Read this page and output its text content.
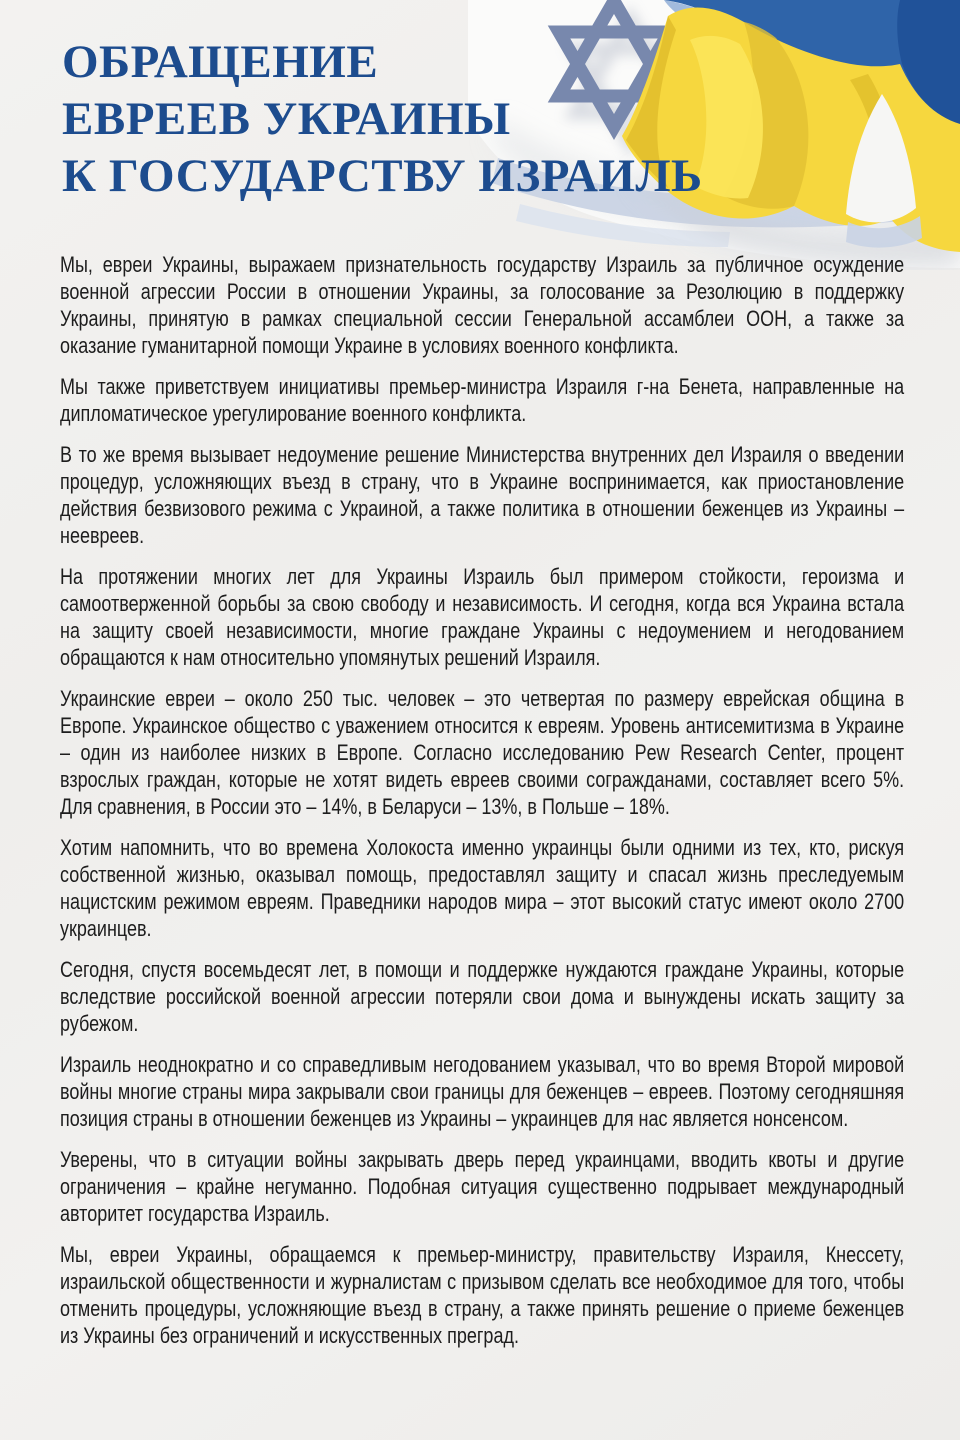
ОБРАЩЕНИЕ
ЕВРЕЕВ УКРАИНЫ
К ГОСУДАРСТВУ ИЗРАИЛЬ

Мы, евреи Украины, выражаем признательность государству Израиль за публичное осуждение военной агрессии России в отношении Украины, за голосование за Резолюцию в поддержку Украины, принятую в рамках специальной сессии Генеральной ассамблеи ООН, а также за оказание гуманитарной помощи Украине в условиях военного конфликта.

Мы также приветствуем инициативы премьер-министра Израиля г-на Бенета, направленные на дипломатическое урегулирование военного конфликта.

В то же время вызывает недоумение решение Министерства внутренних дел Израиля о введении процедур, усложняющих въезд в страну, что в Украине воспринимается, как приостановление действия безвизового режима с Украиной, а также политика в отношении беженцев из Украины – неевреев.

На протяжении многих лет для Украины Израиль был примером стойкости, героизма и самоотверженной борьбы за свою свободу и независимость. И сегодня, когда вся Украина встала на защиту своей независимости, многие граждане Украины с недоумением и негодованием обращаются к нам относительно упомянутых решений Израиля.

Украинские евреи – около 250 тыс. человек – это четвертая по размеру еврейская община в Европе. Украинское общество с уважением относится к евреям. Уровень антисемитизма в Украине – один из наиболее низких в Европе. Согласно исследованию Pew Research Center, процент взрослых граждан, которые не хотят видеть евреев своими согражданами, составляет всего 5%. Для сравнения, в России это – 14%, в Беларуси – 13%, в Польше – 18%.

Хотим напомнить, что во времена Холокоста именно украинцы были одними из тех, кто, рискуя собственной жизнью, оказывал помощь, предоставлял защиту и спасал жизнь преследуемым нацистским режимом евреям. Праведники народов мира – этот высокий статус имеют около 2700 украинцев.

Сегодня, спустя восемьдесят лет, в помощи и поддержке нуждаются граждане Украины, которые вследствие российской военной агрессии потеряли свои дома и вынуждены искать защиту за рубежом.

Израиль неоднократно и со справедливым негодованием указывал, что во время Второй мировой войны многие страны мира закрывали свои границы для беженцев – евреев. Поэтому сегодняшняя позиция страны в отношении беженцев из Украины – украинцев для нас является нонсенсом.

Уверены, что в ситуации войны закрывать дверь перед украинцами, вводить квоты и другие ограничения – крайне негуманно. Подобная ситуация существенно подрывает международный авторитет государства Израиль.

Мы, евреи Украины, обращаемся к премьер-министру, правительству Израиля, Кнессету, израильской общественности и журналистам с призывом сделать все необходимое для того, чтобы отменить процедуры, усложняющие въезд в страну, а также принять решение о приеме беженцев из Украины без ограничений и искусственных преград.
